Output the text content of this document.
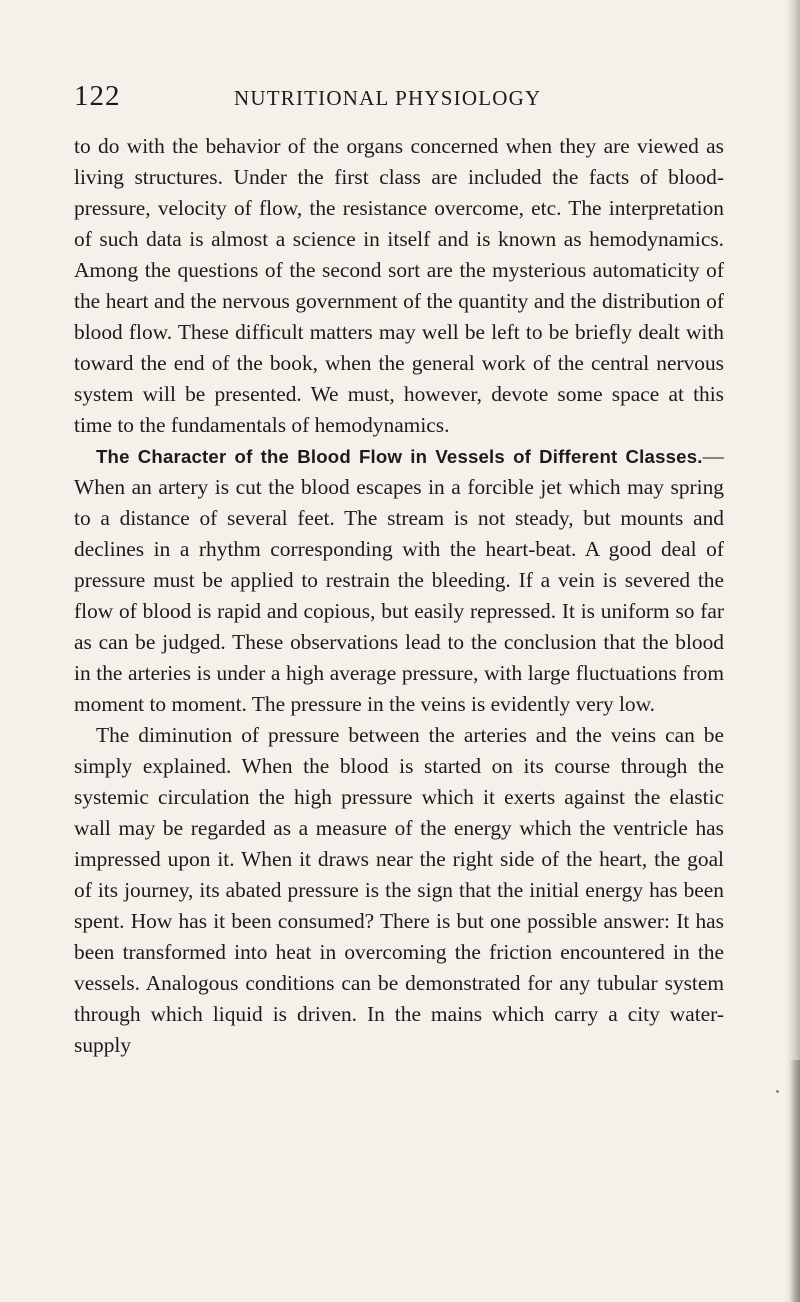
122	NUTRITIONAL PHYSIOLOGY

to do with the behavior of the organs concerned when they are viewed as living structures. Under the first class are included the facts of blood-pressure, velocity of flow, the resistance overcome, etc. The interpretation of such data is almost a science in itself and is known as hemodynamics. Among the questions of the second sort are the mysterious automaticity of the heart and the nervous government of the quantity and the distribution of blood flow. These difficult matters may well be left to be briefly dealt with toward the end of the book, when the general work of the central nervous system will be presented. We must, however, devote some space at this time to the fundamentals of hemodynamics.

The Character of the Blood Flow in Vessels of Different Classes.—When an artery is cut the blood escapes in a forcible jet which may spring to a distance of several feet. The stream is not steady, but mounts and declines in a rhythm corresponding with the heart-beat. A good deal of pressure must be applied to restrain the bleeding. If a vein is severed the flow of blood is rapid and copious, but easily repressed. It is uniform so far as can be judged. These observations lead to the conclusion that the blood in the arteries is under a high average pressure, with large fluctuations from moment to moment. The pressure in the veins is evidently very low.

The diminution of pressure between the arteries and the veins can be simply explained. When the blood is started on its course through the systemic circulation the high pressure which it exerts against the elastic wall may be regarded as a measure of the energy which the ventricle has impressed upon it. When it draws near the right side of the heart, the goal of its journey, its abated pressure is the sign that the initial energy has been spent. How has it been consumed? There is but one possible answer: It has been transformed into heat in overcoming the friction encountered in the vessels. Analogous conditions can be demonstrated for any tubular system through which liquid is driven. In the mains which carry a city water-supply
